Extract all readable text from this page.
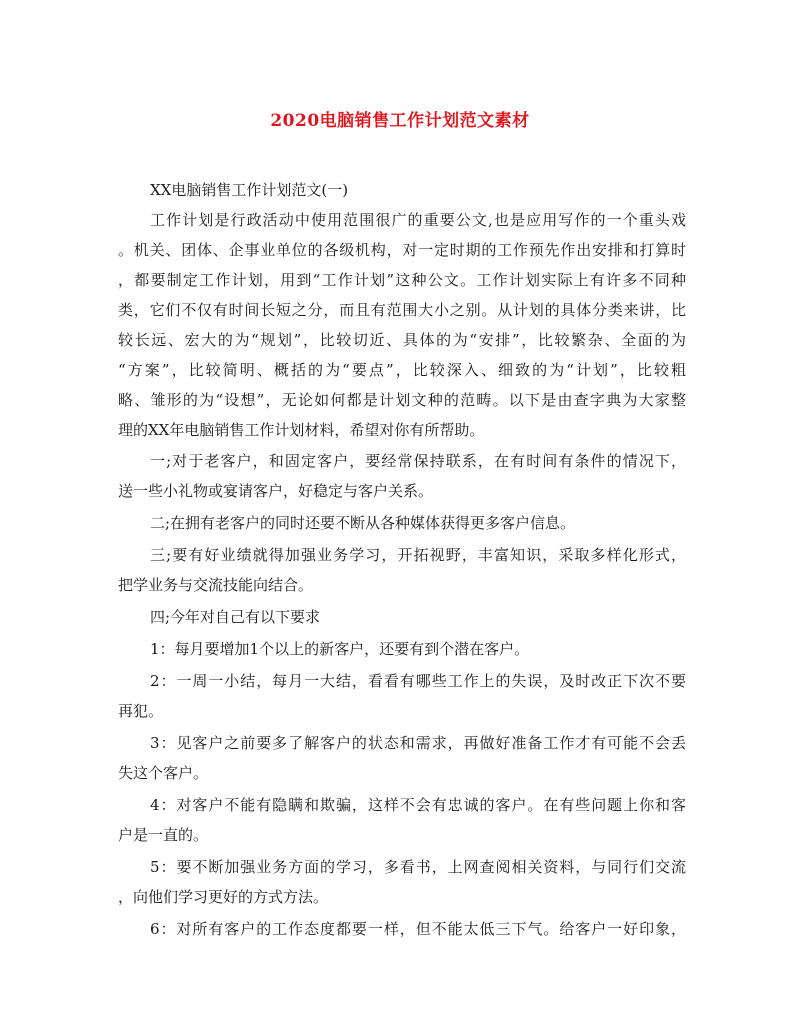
2020电脑销售工作计划范文素材

XX电脑销售工作计划范文(一)

工作计划是行政活动中使用范围很广的重要公文,也是应用写作的一个重头戏

。机关、团体、企事业单位的各级机构，对一定时期的工作预先作出安排和打算时

，都要制定工作计划，用到“工作计划”这种公文。工作计划实际上有许多不同种

类，它们不仅有时间长短之分，而且有范围大小之别。从计划的具体分类来讲，比

较长远、宏大的为“规划”，比较切近、具体的为“安排”，比较繁杂、全面的为

“方案”，比较简明、概括的为“要点”，比较深入、细致的为“计划”，比较粗

略、雏形的为“设想”，无论如何都是计划文种的范畴。以下是由查字典为大家整

理的XX年电脑销售工作计划材料，希望对你有所帮助。

一;对于老客户，和固定客户，要经常保持联系，在有时间有条件的情况下，

送一些小礼物或宴请客户，好稳定与客户关系。

二;在拥有老客户的同时还要不断从各种媒体获得更多客户信息。

三;要有好业绩就得加强业务学习，开拓视野，丰富知识，采取多样化形式，

把学业务与交流技能向结合。

四;今年对自己有以下要求

1：每月要增加1个以上的新客户，还要有到个潜在客户。

2：一周一小结，每月一大结，看看有哪些工作上的失误，及时改正下次不要

再犯。

3：见客户之前要多了解客户的状态和需求，再做好准备工作才有可能不会丢

失这个客户。

4：对客户不能有隐瞒和欺骗，这样不会有忠诚的客户。在有些问题上你和客

户是一直的。

5：要不断加强业务方面的学习，多看书，上网查阅相关资料，与同行们交流

，向他们学习更好的方式方法。

6：对所有客户的工作态度都要一样，但不能太低三下气。给客户一好印象，
